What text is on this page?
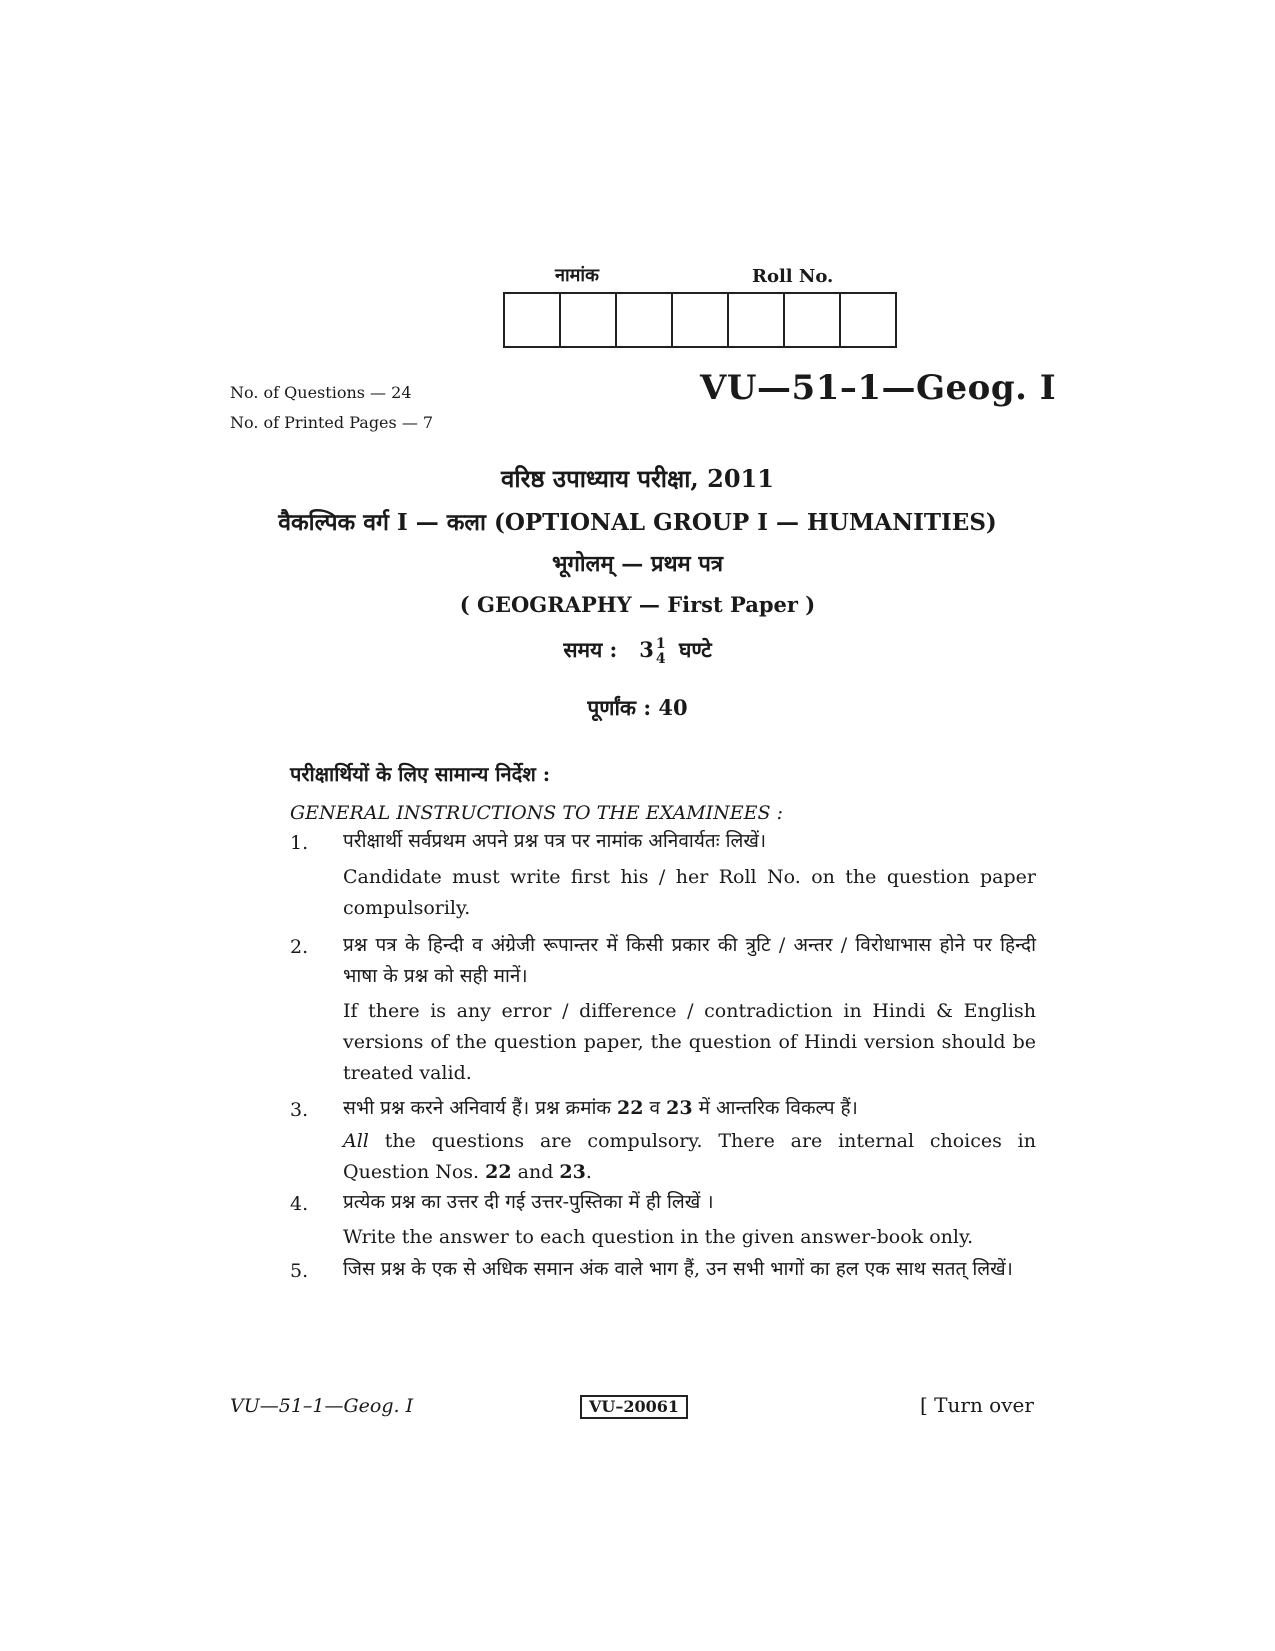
नामांक	Roll No.
No. of Questions — 24
No. of Printed Pages — 7
VU—51–1—Geog. I
वरिष्ठ उपाध्याय परीक्षा, 2011
वैकल्पिक वर्ग I — कला (OPTIONAL GROUP I — HUMANITIES)
भूगोलम् — प्रथम पत्र
( GEOGRAPHY — First Paper )
समय : 3 1
4 घण्टे
पूर्णांक : 40
परीक्षार्थियों के लिए सामान्य निर्देश :
GENERAL INSTRUCTIONS TO THE EXAMINEES :
1. परीक्षार्थी सर्वप्रथम अपने प्रश्न पत्र पर नामांक अनिवार्यतः लिखें।
Candidate must write first his / her Roll No. on the question paper compulsorily.
2. प्रश्न पत्र के हिन्दी व अंग्रेजी रूपान्तर में किसी प्रकार की त्रुटि / अन्तर / विरोधाभास होने पर हिन्दी भाषा के प्रश्न को सही मानें।
If there is any error / difference / contradiction in Hindi & English versions of the question paper, the question of Hindi version should be treated valid.
3. सभी प्रश्न करने अनिवार्य हैं। प्रश्न क्रमांक 22 व 23 में आन्तरिक विकल्प हैं।
All the questions are compulsory. There are internal choices in Question Nos. 22 and 23.
4. प्रत्येक प्रश्न का उत्तर दी गई उत्तर-पुस्तिका में ही लिखें ।
Write the answer to each question in the given answer-book only.
5. जिस प्रश्न के एक से अधिक समान अंक वाले भाग हैं, उन सभी भागों का हल एक साथ सतत् लिखें।
VU—51–1—Geog. I	VU–20061	[ Turn over
